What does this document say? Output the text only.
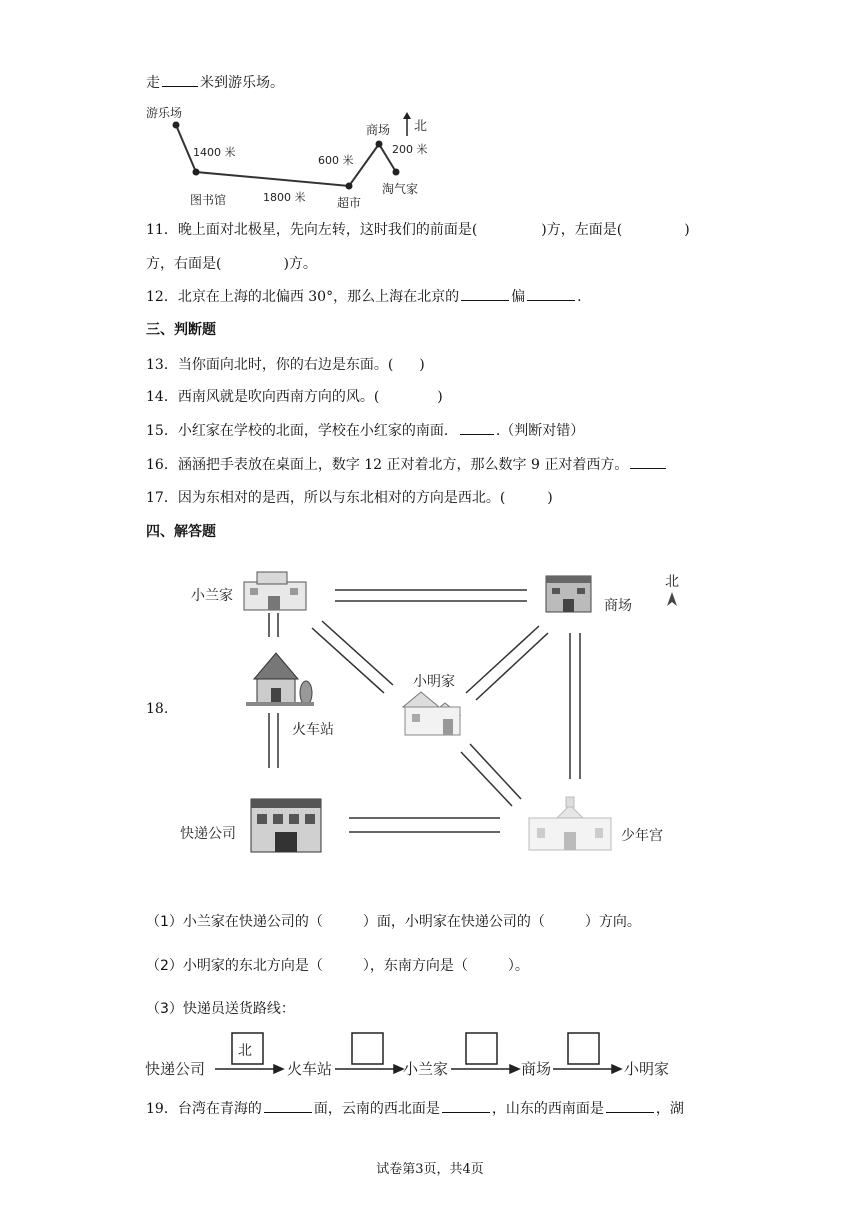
走	米到游乐场。
游乐场
图书馆	超市
商场
淘气家
1400 米
1800 米
600 米
200 米
北
11．晚上面对北极星，先向左转，这时我们的前面是(	)方，左面是(	)
方，右面是(	)方。
12．北京在上海的北偏西 30°，那么上海在北京的	偏	.
三、判断题
13．当你面向北时，你的右边是东面。( )
14．西南风就是吹向西南方向的风。(	)
15．小红家在学校的北面，学校在小红家的南面．	.（判断对错）
16．涵涵把手表放在桌面上，数字 12 正对着北方，那么数字 9 正对着西方。
17．因为东相对的是西，所以与东北相对的方向是西北。(	)
四、解答题
18.
小兰家
商场
火车站
小明家
快递公司	少年宫
北
（1）小兰家在快递公司的（	）面，小明家在快递公司的（	）方向。
（2）小明家的东北方向是（	），东南方向是（	）。
（3）快递员送货路线：
北
快递公司	火车站	小兰家	商场	小明家
19．台湾在青海的	面，云南的西北面是	，山东的西南面是	，湖
试卷第3页，共4页
